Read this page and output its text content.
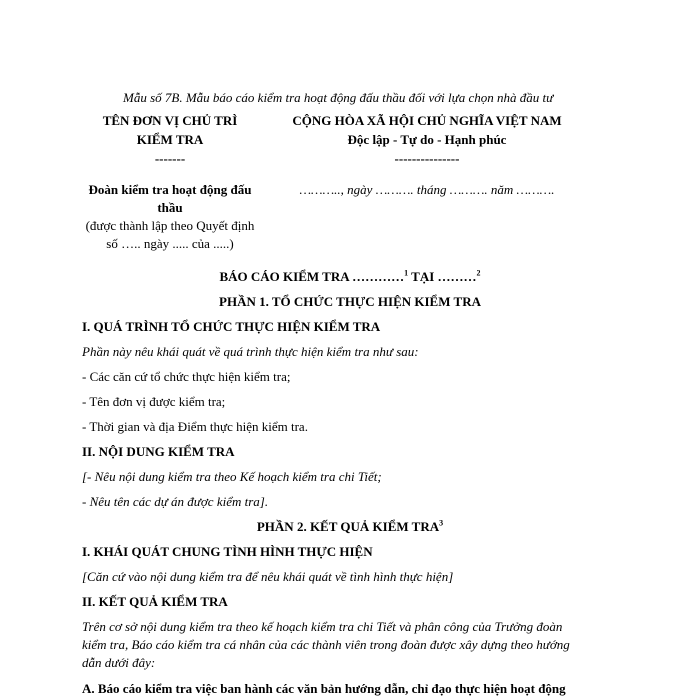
Mẫu số 7B. Mẫu báo cáo kiểm tra hoạt động đấu thầu đối với lựa chọn nhà đầu tư
TÊN ĐƠN VỊ CHỦ TRÌ
KIỂM TRA
-------
CỘNG HÒA XÃ HỘI CHỦ NGHĨA VIỆT NAM
Độc lập - Tự do - Hạnh phúc
---------------
Đoàn kiểm tra hoạt động đấu
thầu
(được thành lập theo Quyết định
số ….. ngày ..... của .....)
……….., ngày ………. tháng ………. năm ……….
BÁO CÁO KIỂM TRA …………$^1$ TẠI ………$^2$
PHẦN 1. TỔ CHỨC THỰC HIỆN KIỂM TRA
I. QUÁ TRÌNH TỔ CHỨC THỰC HIỆN KIỂM TRA
Phần này nêu khái quát về quá trình thực hiện kiểm tra như sau:
- Các căn cứ tổ chức thực hiện kiểm tra;
- Tên đơn vị được kiểm tra;
- Thời gian và địa Điểm thực hiện kiểm tra.
II. NỘI DUNG KIỂM TRA
[- Nêu nội dung kiểm tra theo Kế hoạch kiểm tra chi Tiết;
- Nêu tên các dự án được kiểm tra].
PHẦN 2. KẾT QUẢ KIỂM TRA$^3$
I. KHÁI QUÁT CHUNG TÌNH HÌNH THỰC HIỆN
[Căn cứ vào nội dung kiểm tra để nêu khái quát về tình hình thực hiện]
II. KẾT QUẢ KIỂM TRA
Trên cơ sở nội dung kiểm tra theo kế hoạch kiểm tra chi Tiết và phân công của Trưởng đoàn
kiểm tra, Báo cáo kiểm tra cá nhân của các thành viên trong đoàn được xây dựng theo hướng
dẫn dưới đây:
A. Báo cáo kiểm tra việc ban hành các văn bản hướng dẫn, chỉ đạo thực hiện hoạt động
